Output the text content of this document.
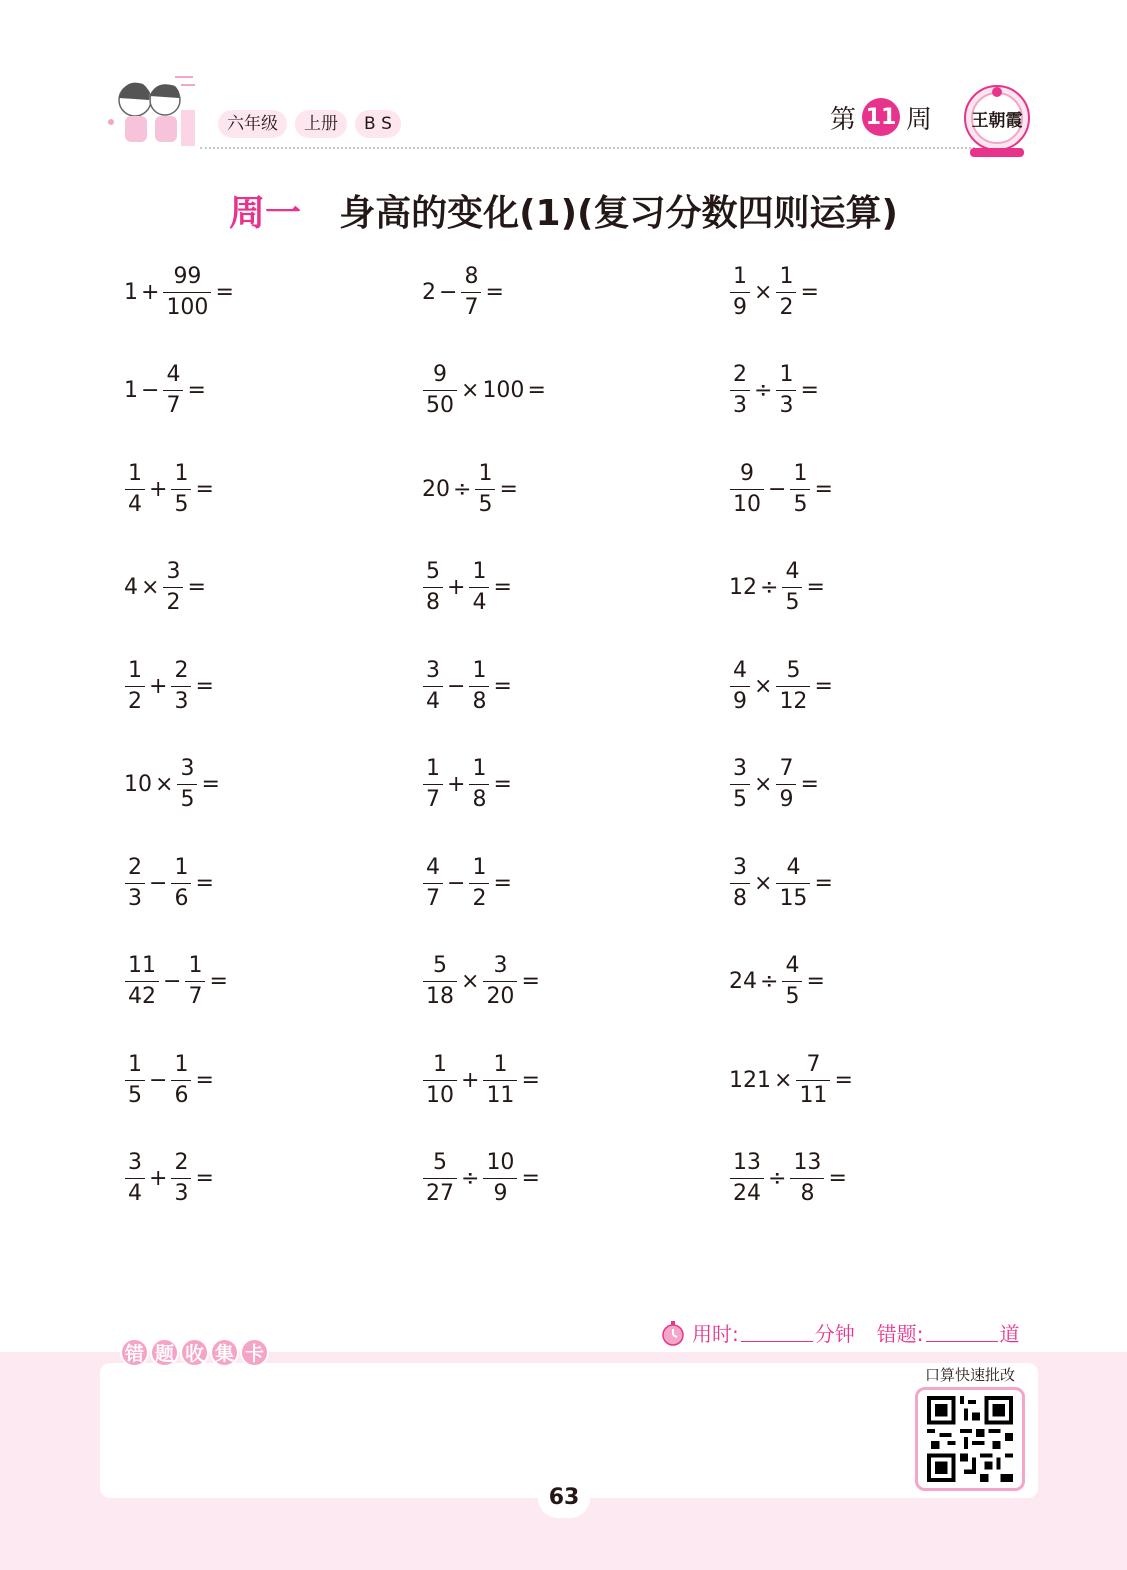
六年级	上册	B S	第 11 周 王朝霞
周一 身高的变化(1)(复习分数四则运算)
$1 + \frac{99}{100}$ =	$2 - \frac{8}{7}$ =	$\frac{1}{9} \times \frac{1}{2}$ =
$1 - \frac{4}{7}$ =	$\frac{9}{50} \times 100$ =	$\frac{2}{3} \div \frac{1}{3}$ =
$\frac{1}{4} + \frac{1}{5}$ =	$20 \div \frac{1}{5}$ =	$\frac{9}{10} - \frac{1}{5}$ =
$4 \times \frac{3}{2}$ =	$\frac{5}{8} + \frac{1}{4}$ =	$12 \div \frac{4}{5}$ =
$\frac{1}{2} + \frac{2}{3}$ =	$\frac{3}{4} - \frac{1}{8}$ =	$\frac{4}{9} \times \frac{5}{12}$ =
$10 \times \frac{3}{5}$ =	$\frac{1}{7} + \frac{1}{8}$ =	$\frac{3}{5} \times \frac{7}{9}$ =
$\frac{2}{3} - \frac{1}{6}$ =	$\frac{4}{7} - \frac{1}{2}$ =	$\frac{3}{8} \times \frac{4}{15}$ =
$\frac{11}{42} - \frac{1}{7}$ =	$\frac{5}{18} \times \frac{3}{20}$ =	$24 \div \frac{4}{5}$ =
$\frac{1}{5} - \frac{1}{6}$ =	$\frac{1}{10} + \frac{1}{11}$ =	$121 \times \frac{7}{11}$ =
$\frac{3}{4} + \frac{2}{3}$ =	$\frac{5}{27} \div \frac{10}{9}$ =	$\frac{13}{24} \div \frac{13}{8}$ =
用时:	分钟 错题:	道
错 题 收 集 卡
口算快速批改
63
